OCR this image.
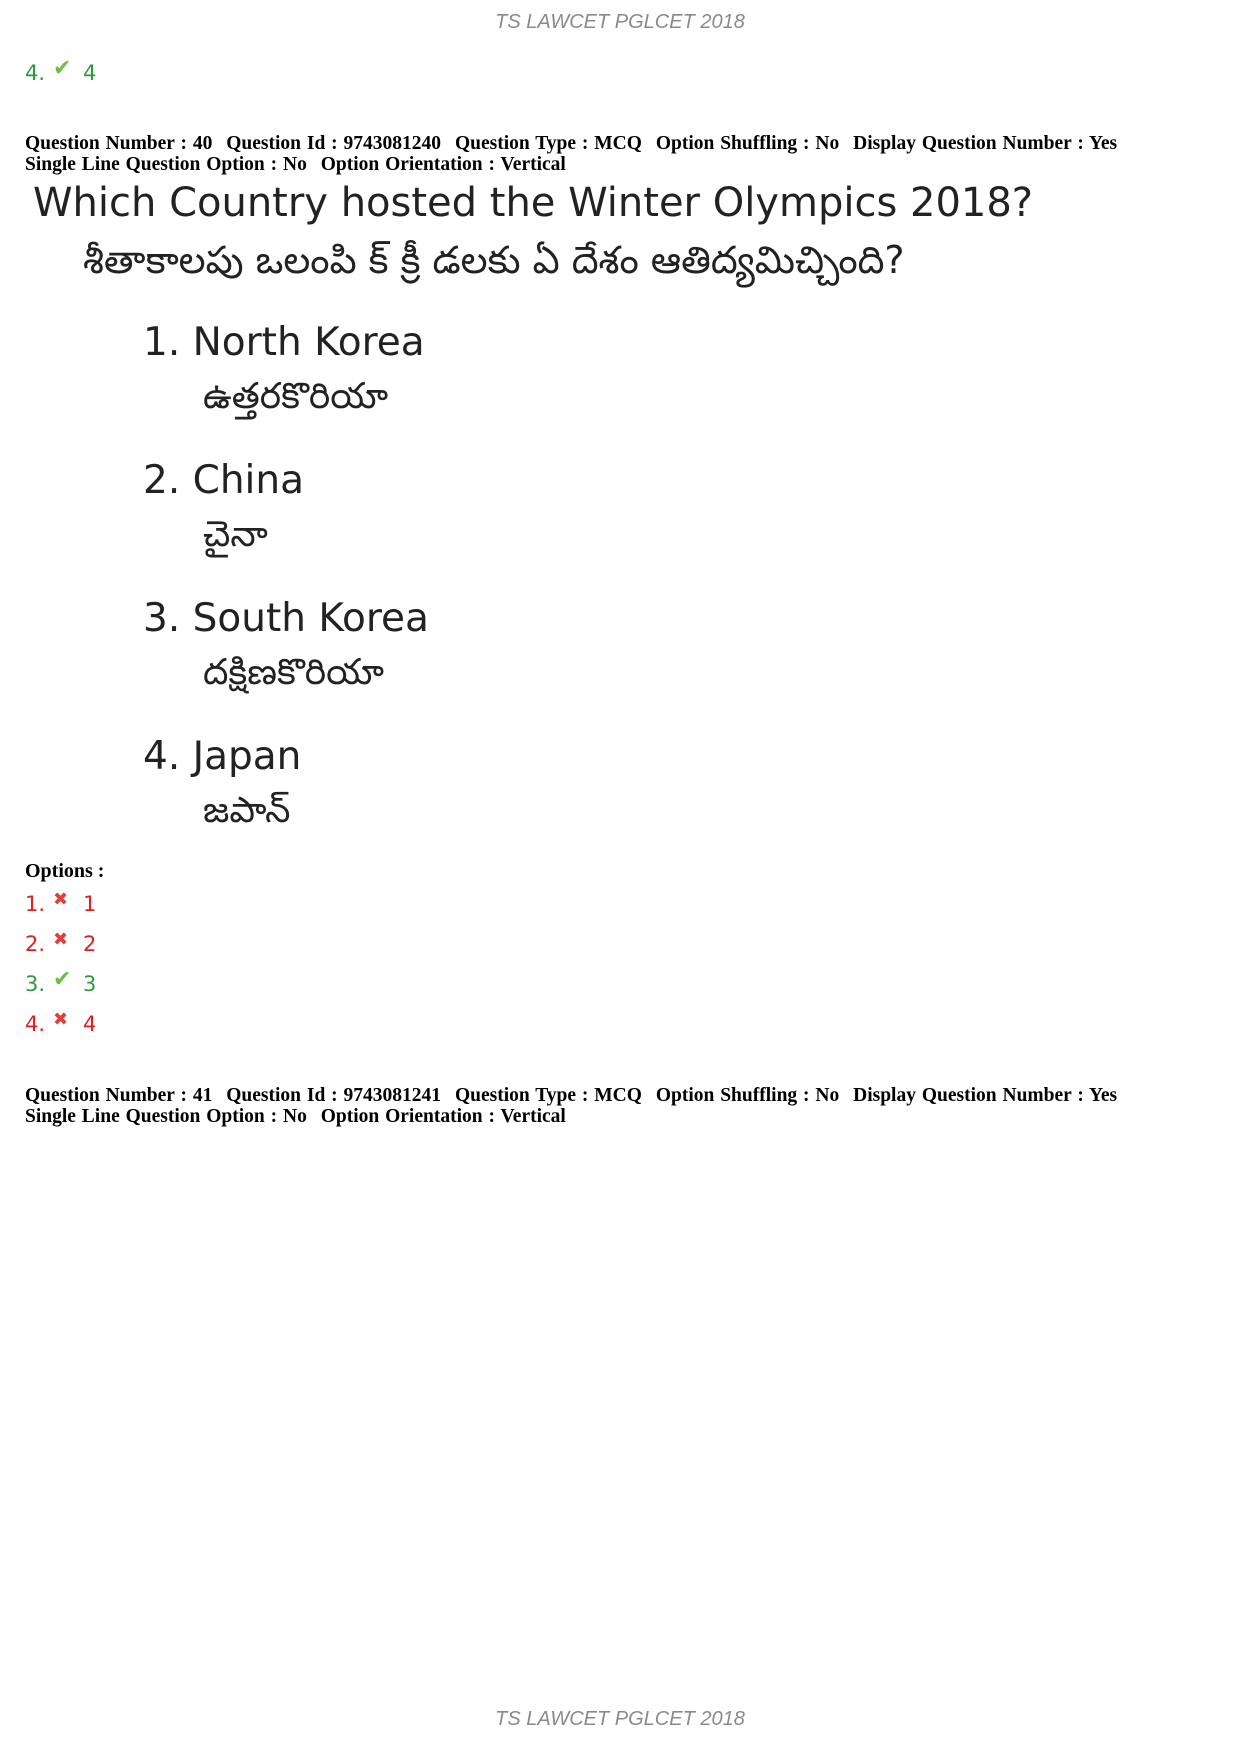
TS LAWCET PGLCET 2018
4. ✔ 4
Question Number : 40 Question Id : 9743081240 Question Type : MCQ Option Shuffling : No Display Question Number : Yes
Single Line Question Option : No Option Orientation : Vertical
Which Country hosted the Winter Olympics 2018?
శీతాకాలపు ఒలంపి క్ క్రీ డలకు ఏ దేశం ఆతిద్యమిచ్చింది?
1. North Korea
ఉత్తరకొరియా
2. China
చైనా
3. South Korea
దక్షిణకొరియా
4. Japan
జపాన్
Options :
1. ✖ 1
2. ✖ 2
3. ✔ 3
4. ✖ 4
Question Number : 41 Question Id : 9743081241 Question Type : MCQ Option Shuffling : No Display Question Number : Yes
Single Line Question Option : No Option Orientation : Vertical
TS LAWCET PGLCET 2018
